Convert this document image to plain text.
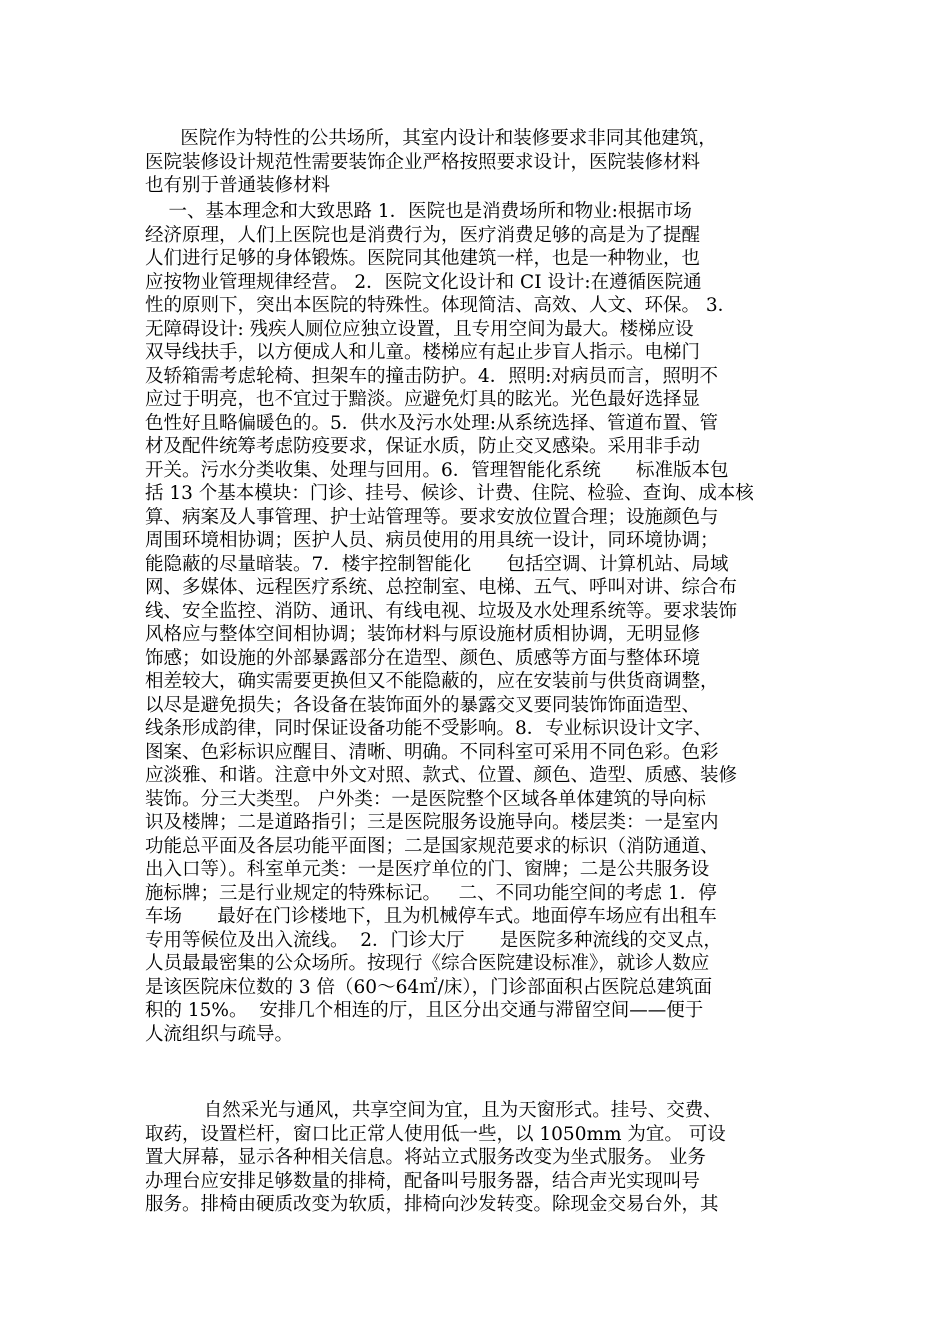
医院作为特性的公共场所，其室内设计和装修要求非同其他建筑，
医院装修设计规范性需要装饰企业严格按照要求设计，医院装修材料
也有别于普通装修材料
一、基本理念和大致思路 1．医院也是消费场所和物业:根据市场
经济原理，人们上医院也是消费行为，医疗消费足够的高是为了提醒
人们进行足够的身体锻炼。医院同其他建筑一样，也是一种物业，也
应按物业管理规律经营。 2．医院文化设计和 CI 设计:在遵循医院通
性的原则下，突出本医院的特殊性。体现简洁、高效、人文、环保。 3．
无障碍设计: 残疾人厕位应独立设置，且专用空间为最大。楼梯应设
双导线扶手，以方便成人和儿童。楼梯应有起止步盲人指示。电梯门
及轿箱需考虑轮椅、担架车的撞击防护。4．照明:对病员而言，照明不
应过于明亮，也不宜过于黯淡。应避免灯具的眩光。光色最好选择显
色性好且略偏暖色的。5．供水及污水处理:从系统选择、管道布置、管
材及配件统筹考虑防疫要求，保证水质，防止交叉感染。采用非手动
开关。污水分类收集、处理与回用。6．管理智能化系统      标准版本包
括 13 个基本模块：门诊、挂号、候诊、计费、住院、检验、查询、成本核
算、病案及人事管理、护士站管理等。要求安放位置合理；设施颜色与
周围环境相协调；医护人员、病员使用的用具统一设计，同环境协调；
能隐蔽的尽量暗装。7．楼宇控制智能化      包括空调、计算机站、局域
网、多媒体、远程医疗系统、总控制室、电梯、五气、呼叫对讲、综合布
线、安全监控、消防、通讯、有线电视、垃圾及水处理系统等。要求装饰
风格应与整体空间相协调；装饰材料与原设施材质相协调，无明显修
饰感；如设施的外部暴露部分在造型、颜色、质感等方面与整体环境
相差较大，确实需要更换但又不能隐蔽的，应在安装前与供货商调整，
以尽是避免损失；各设备在装饰面外的暴露交叉要同装饰饰面造型、
线条形成韵律，同时保证设备功能不受影响。8．专业标识设计文字、
图案、色彩标识应醒目、清晰、明确。不同科室可采用不同色彩。色彩
应淡雅、和谐。注意中外文对照、款式、位置、颜色、造型、质感、装修
装饰。分三大类型。 户外类：一是医院整个区域各单体建筑的导向标
识及楼牌；二是道路指引；三是医院服务设施导向。楼层类：一是室内
功能总平面及各层功能平面图；二是国家规范要求的标识（消防通道、
出入口等）。科室单元类：一是医疗单位的门、窗牌；二是公共服务设
施标牌；三是行业规定的特殊标记。   二、不同功能空间的考虑 1．停
车场      最好在门诊楼地下，且为机械停车式。地面停车场应有出租车
专用等候位及出入流线。  2．门诊大厅      是医院多种流线的交叉点，
人员最最密集的公众场所。按现行《综合医院建设标准》，就诊人数应
是该医院床位数的 3 倍（60～64㎡/床），门诊部面积占医院总建筑面
积的 15%。  安排几个相连的厅，且区分出交通与滞留空间——便于
人流组织与疏导。
自然采光与通风，共享空间为宜，且为天窗形式。挂号、交费、
取药，设置栏杆，窗口比正常人使用低一些，以 1050mm 为宜。 可设
置大屏幕，显示各种相关信息。将站立式服务改变为坐式服务。 业务
办理台应安排足够数量的排椅，配备叫号服务器，结合声光实现叫号
服务。排椅由硬质改变为软质，排椅向沙发转变。除现金交易台外，其
